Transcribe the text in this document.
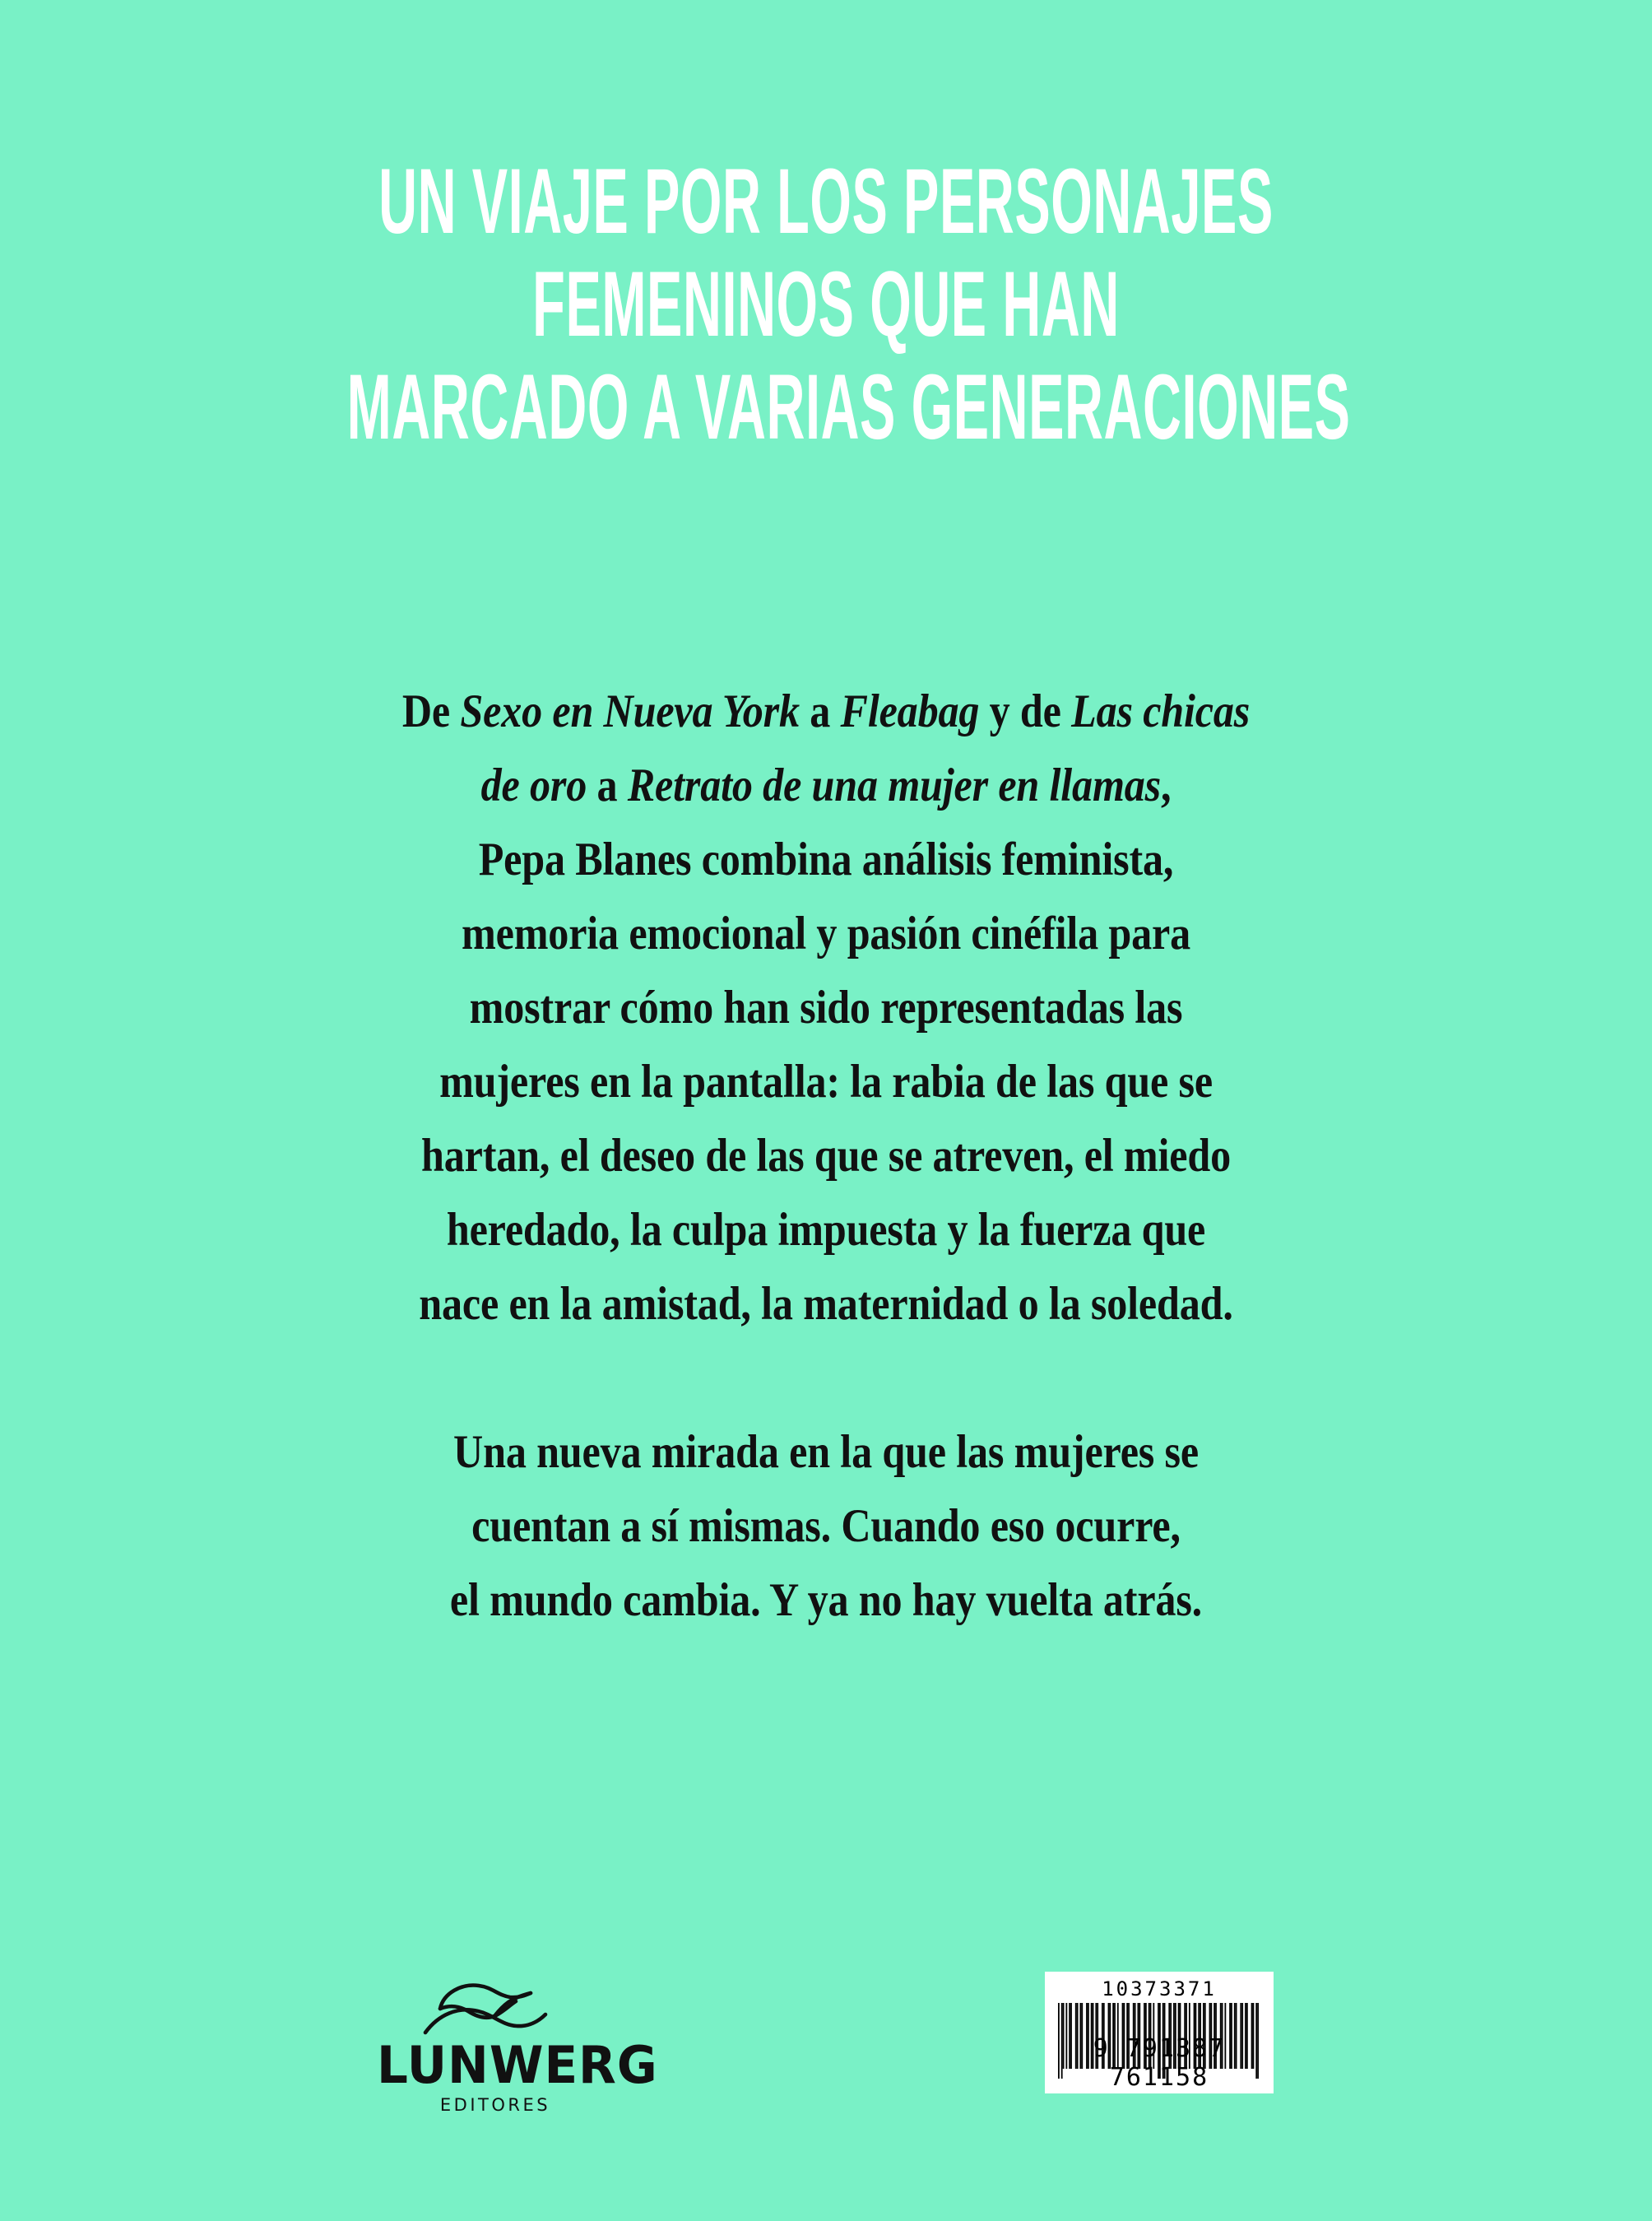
UN VIAJE POR LOS PERSONAJES
FEMENINOS QUE HAN
MARCADO A VARIAS GENERACIONES

De Sexo en Nueva York a Fleabag y de Las chicas
de oro a Retrato de una mujer en llamas,
Pepa Blanes combina análisis feminista,
memoria emocional y pasión cinéfila para
mostrar cómo han sido representadas las
mujeres en la pantalla: la rabia de las que se
hartan, el deseo de las que se atreven, el miedo
heredado, la culpa impuesta y la fuerza que
nace en la amistad, la maternidad o la soledad.

Una nueva mirada en la que las mujeres se
cuentan a sí mismas. Cuando eso ocurre,
el mundo cambia. Y ya no hay vuelta atrás.

LUNWERG
EDITORES
10373371
9 791387 761158
